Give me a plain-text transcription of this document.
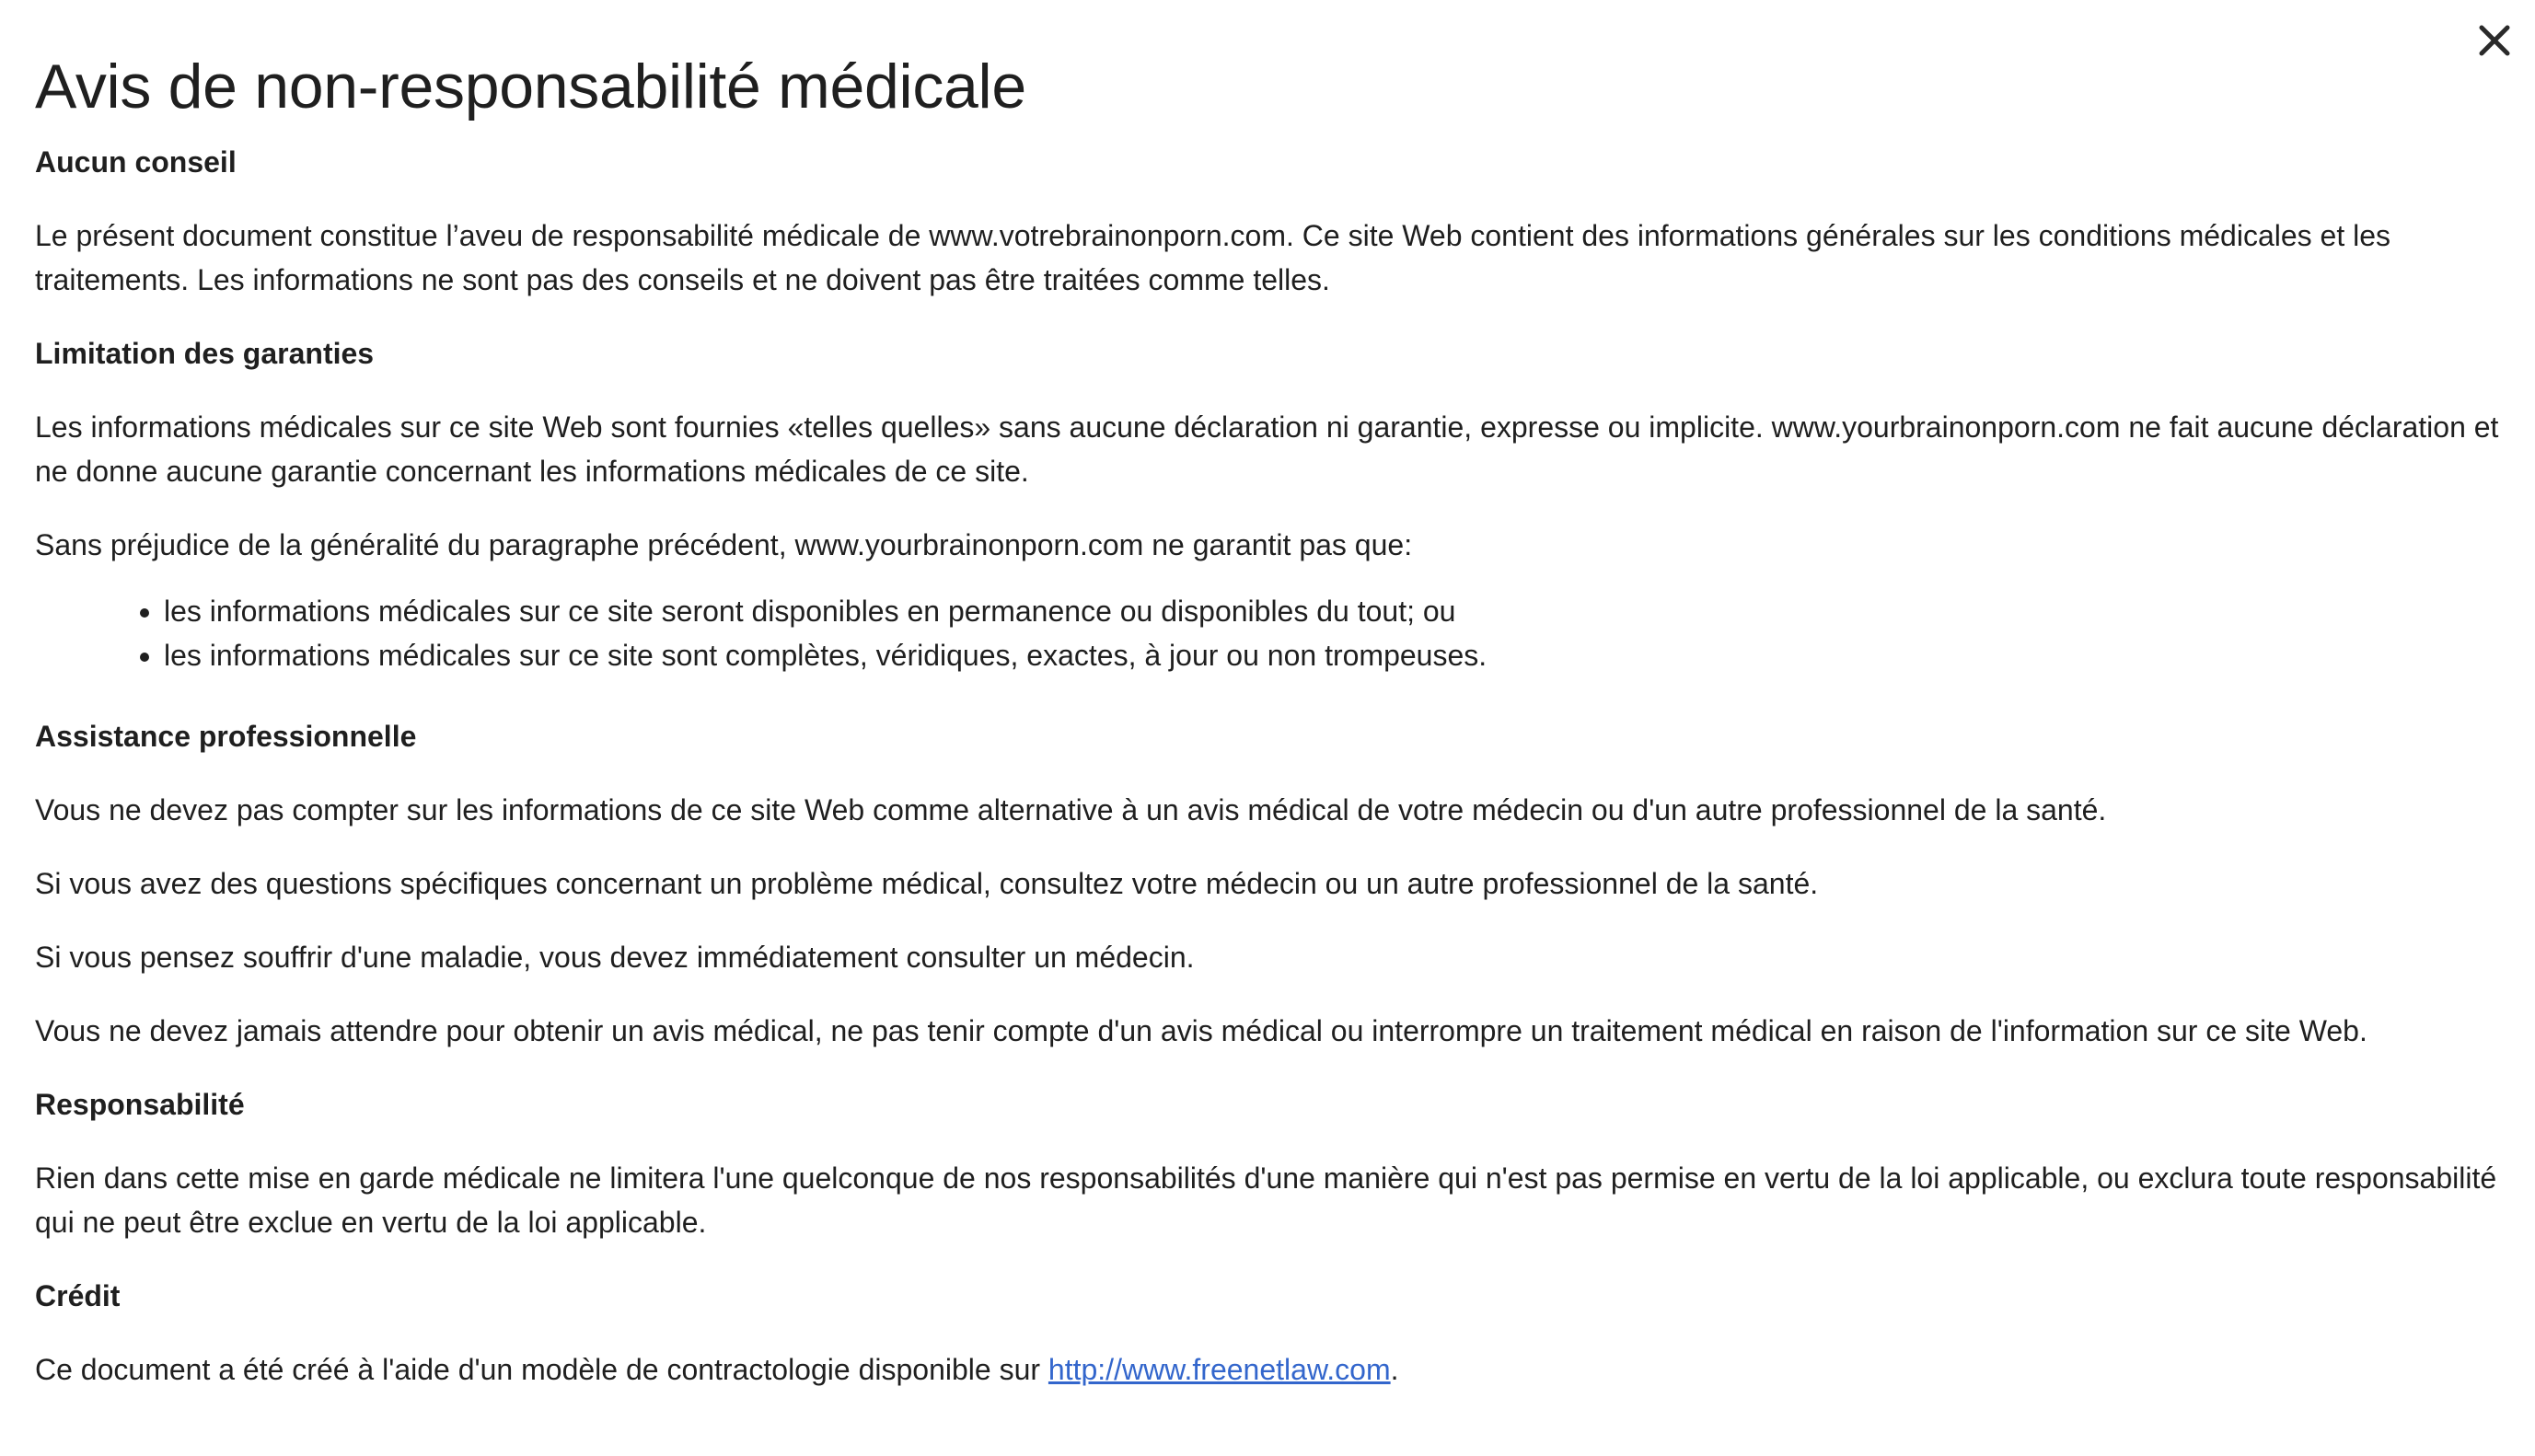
Avis de non-responsabilité médicale
Aucun conseil

Le présent document constitue l’aveu de responsabilité médicale de www.votrebrainonporn.com. Ce site Web contient des informations générales sur les conditions médicales et les traitements. Les informations ne sont pas des conseils et ne doivent pas être traitées comme telles.

Limitation des garanties

Les informations médicales sur ce site Web sont fournies «telles quelles» sans aucune déclaration ni garantie, expresse ou implicite. www.yourbrainonporn.com ne fait aucune déclaration et ne donne aucune garantie concernant les informations médicales de ce site.

Sans préjudice de la généralité du paragraphe précédent, www.yourbrainonporn.com ne garantit pas que:

• les informations médicales sur ce site seront disponibles en permanence ou disponibles du tout; ou
• les informations médicales sur ce site sont complètes, véridiques, exactes, à jour ou non trompeuses.
Assistance professionnelle

Vous ne devez pas compter sur les informations de ce site Web comme alternative à un avis médical de votre médecin ou d'un autre professionnel de la santé.

Si vous avez des questions spécifiques concernant un problème médical, consultez votre médecin ou un autre professionnel de la santé.

Si vous pensez souffrir d'une maladie, vous devez immédiatement consulter un médecin.

Vous ne devez jamais attendre pour obtenir un avis médical, ne pas tenir compte d'un avis médical ou interrompre un traitement médical en raison de l'information sur ce site Web.

Responsabilité

Rien dans cette mise en garde médicale ne limitera l'une quelconque de nos responsabilités d'une manière qui n'est pas permise en vertu de la loi applicable, ou exclura toute responsabilité qui ne peut être exclue en vertu de la loi applicable.

Crédit

Ce document a été créé à l'aide d'un modèle de contractologie disponible sur http://www.freenetlaw.com.
